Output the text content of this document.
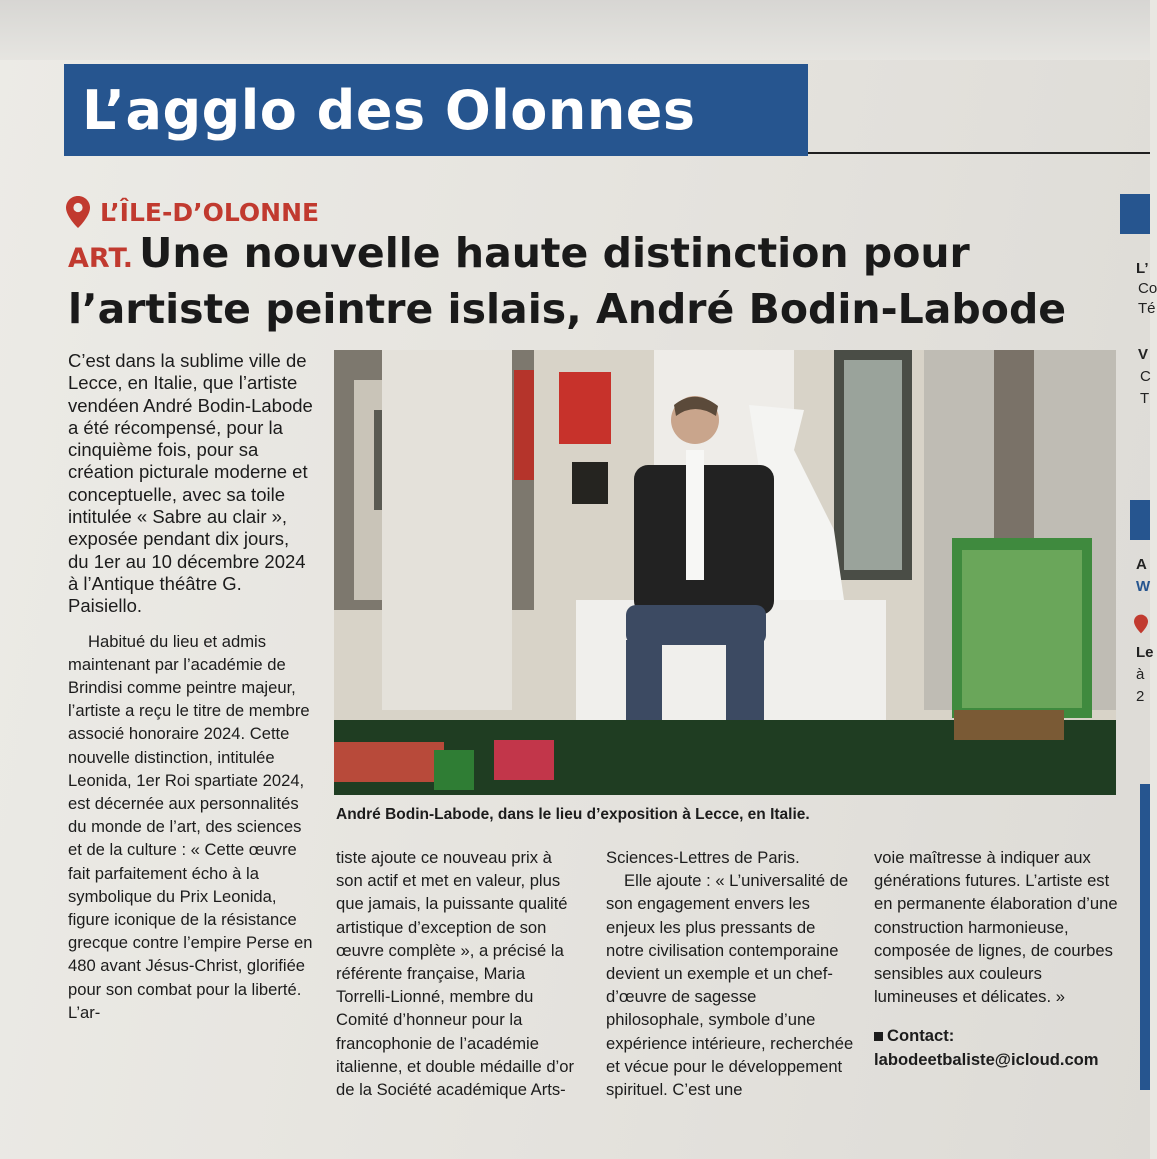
L’agglo des Olonnes
L’ÎLE-D’OLONNE
ART. Une nouvelle haute distinction pour
l’artiste peintre islais, André Bodin-Labode

C’est dans la sublime ville de Lecce, en Italie, que l’artiste vendéen André Bodin-Labode a été récompensé, pour la cinquième fois, pour sa création picturale moderne et conceptuelle, avec sa toile intitulée « Sabre au clair », exposée pendant dix jours, du 1er au 10 décembre 2024 à l’Antique théâtre G. Paisiello.

Habitué du lieu et admis maintenant par l’académie de Brindisi comme peintre majeur, l’artiste a reçu le titre de membre associé honoraire 2024. Cette nouvelle distinction, intitulée Leonida, 1er Roi spartiate 2024, est décernée aux personnalités du monde de l’art, des sciences et de la culture : « Cette œuvre fait parfaitement écho à la symbolique du Prix Leonida, figure iconique de la résistance grecque contre l’empire Perse en 480 avant Jésus-Christ, glorifiée pour son combat pour la liberté. L’ar-

André Bodin-Labode, dans le lieu d’exposition à Lecce, en Italie.

tiste ajoute ce nouveau prix à son actif et met en valeur, plus que jamais, la puissante qualité artistique d’exception de son œuvre complète », a précisé la référente française, Maria Torrelli-Lionné, membre du Comité d’honneur pour la francophonie de l’académie italienne, et double médaille d’or de la Société académique Arts-

Sciences-Lettres de Paris.

Elle ajoute : « L’universalité de son engagement envers les enjeux les plus pressants de notre civilisation contemporaine devient un exemple et un chef-d’œuvre de sagesse philosophale, symbole d’une expérience intérieure, recherchée et vécue pour le développement spirituel. C’est une

voie maîtresse à indiquer aux générations futures. L’artiste est en permanente élaboration d’une construction harmonieuse, composée de lignes, de courbes sensibles aux couleurs lumineuses et délicates. »

Contact:
labodeetbaliste@icloud.com
L’
Co
Té
V
C
T
A
W
Le
à
2
